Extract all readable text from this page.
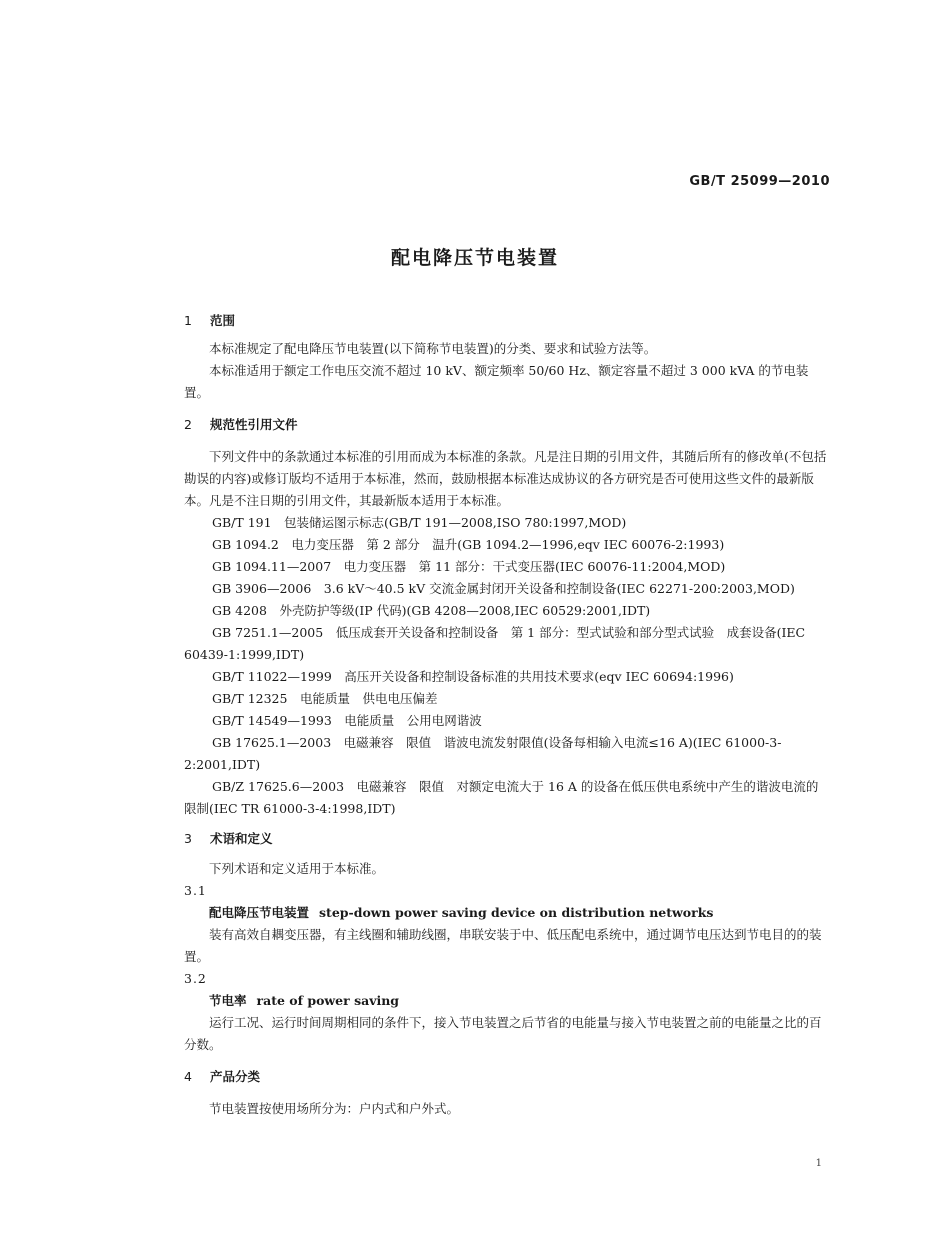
GB/T 25099—2010
配电降压节电装置
1 范围

本标准规定了配电降压节电装置(以下简称节电装置)的分类、要求和试验方法等。

本标准适用于额定工作电压交流不超过 10 kV、额定频率 50/60 Hz、额定容量不超过 3 000 kVA 的节电装置。

2 规范性引用文件

下列文件中的条款通过本标准的引用而成为本标准的条款。凡是注日期的引用文件，其随后所有的修改单(不包括勘误的内容)或修订版均不适用于本标准，然而，鼓励根据本标准达成协议的各方研究是否可使用这些文件的最新版本。凡是不注日期的引用文件，其最新版本适用于本标准。

GB/T 191　包装储运图示标志(GB/T 191—2008,ISO 780:1997,MOD)

GB 1094.2　电力变压器　第 2 部分　温升(GB 1094.2—1996,eqv IEC 60076-2:1993)

GB 1094.11—2007　电力变压器　第 11 部分：干式变压器(IEC 60076-11:2004,MOD)

GB 3906—2006　3.6 kV～40.5 kV 交流金属封闭开关设备和控制设备(IEC 62271-200:2003,MOD)

GB 4208　外壳防护等级(IP 代码)(GB 4208—2008,IEC 60529:2001,IDT)

GB 7251.1—2005　低压成套开关设备和控制设备　第 1 部分：型式试验和部分型式试验　成套设备(IEC 60439-1:1999,IDT)

GB/T 11022—1999　高压开关设备和控制设备标准的共用技术要求(eqv IEC 60694:1996)

GB/T 12325　电能质量　供电电压偏差

GB/T 14549—1993　电能质量　公用电网谐波

GB 17625.1—2003　电磁兼容　限值　谐波电流发射限值(设备每相输入电流≤16 A)(IEC 61000-3-2:2001,IDT)

GB/Z 17625.6—2003　电磁兼容　限值　对额定电流大于 16 A 的设备在低压供电系统中产生的谐波电流的限制(IEC TR 61000-3-4:1998,IDT)

3 术语和定义

下列术语和定义适用于本标准。

3.1

配电降压节电装置 step-down power saving device on distribution networks

装有高效自耦变压器，有主线圈和辅助线圈，串联安装于中、低压配电系统中，通过调节电压达到节电目的的装置。

3.2

节电率 rate of power saving

运行工况、运行时间周期相同的条件下，接入节电装置之后节省的电能量与接入节电装置之前的电能量之比的百分数。

4 产品分类

节电装置按使用场所分为：户内式和户外式。

1
